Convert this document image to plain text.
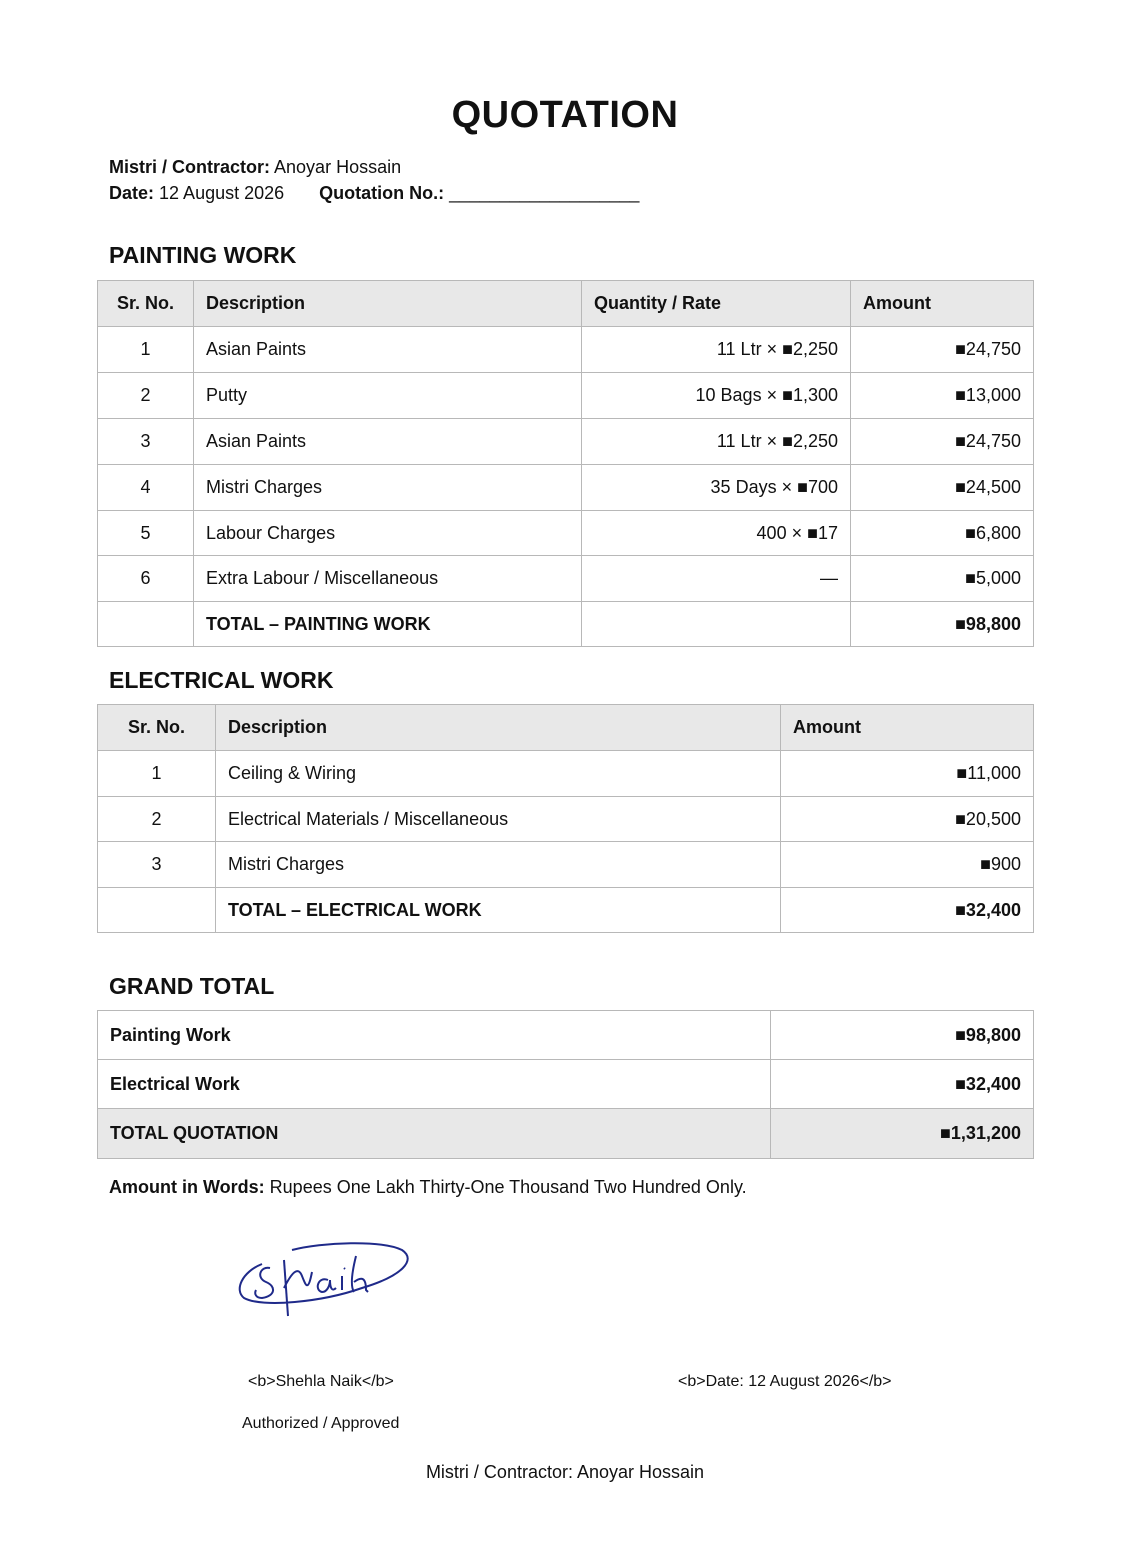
QUOTATION
Mistri / Contractor: Anoyar Hossain
Date: 12 August 2026 Quotation No.: ___________________
PAINTING WORK
Sr. No.	Description	Quantity / Rate	Amount
1	Asian Paints	11 Ltr × ■2,250	■24,750
2	Putty	10 Bags × ■1,300	■13,000
3	Asian Paints	11 Ltr × ■2,250	■24,750
4	Mistri Charges	35 Days × ■700	■24,500
5	Labour Charges	400 × ■17	■6,800
6	Extra Labour / Miscellaneous	—	■5,000
	TOTAL – PAINTING WORK		■98,800
ELECTRICAL WORK
Sr. No.	Description	Amount
1	Ceiling & Wiring	■11,000
2	Electrical Materials / Miscellaneous	■20,500
3	Mistri Charges	■900
	TOTAL – ELECTRICAL WORK	■32,400
GRAND TOTAL
Painting Work	■98,800
Electrical Work	■32,400
TOTAL QUOTATION	■1,31,200
Amount in Words: Rupees One Lakh Thirty-One Thousand Two Hundred Only.
<b>Shehla Naik</b>
Authorized / Approved
<b>Date: 12 August 2026</b>
Mistri / Contractor: Anoyar Hossain
